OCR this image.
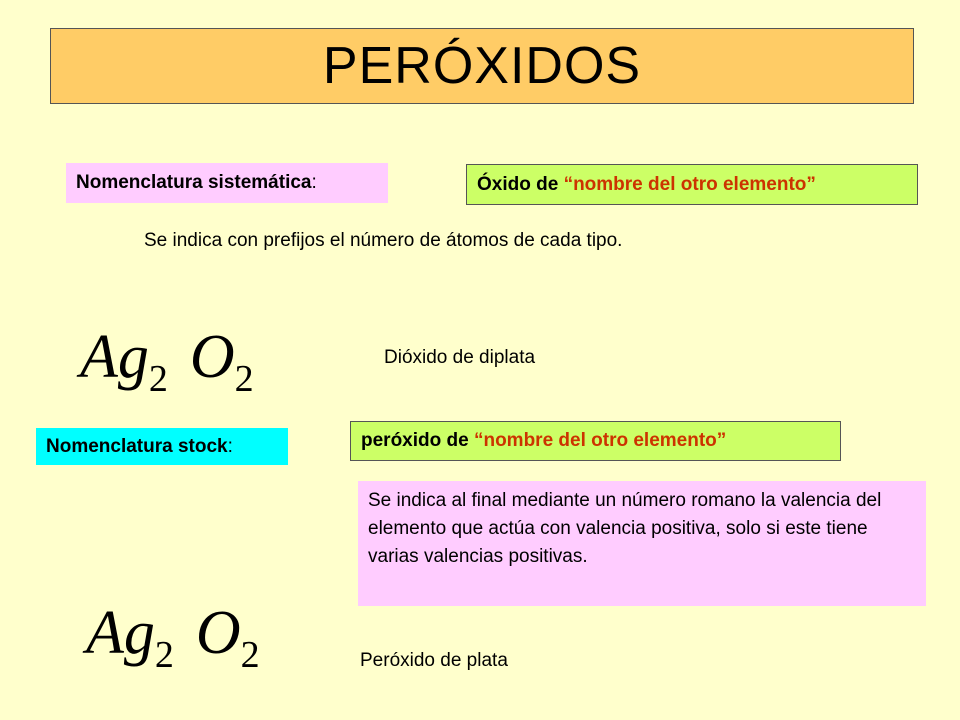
PERÓXIDOS
Nomenclatura sistemática :	Óxido de
“nombre del otro elemento”
Se indica con prefijos el número de átomos de cada tipo.
Ag2 O2
Dióxido de diplata
peróxido de
“nombre del otro elemento”
Nomenclatura stock :
Se indica al final mediante un número romano la valencia del elemento que actúa con valencia positiva, solo si este tiene varias valencias positivas.
Ag2 O2	Peróxido de plata
